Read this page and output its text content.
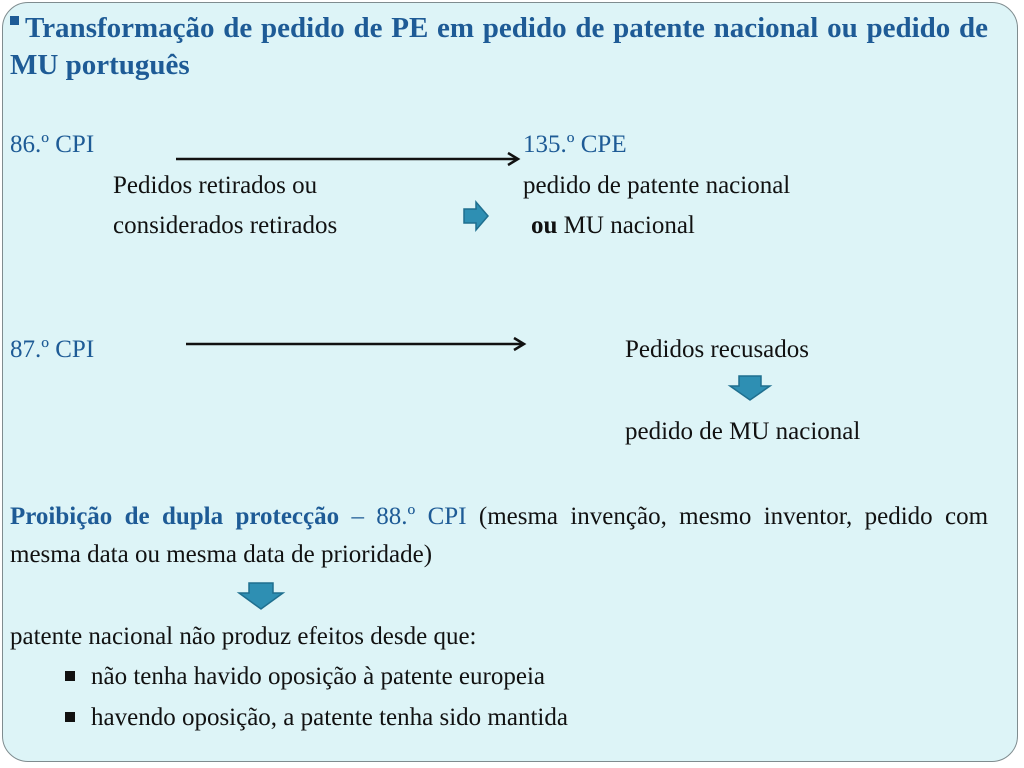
Transformação de pedido de PE em pedido de patente nacional ou pedido de MU português
86.º CPI	135.º CPE
Pedidos retirados ou
considerados retirados
pedido de patente nacional
ou MU nacional
87.º CPI	Pedidos recusados
pedido de MU nacional
Proibição de dupla protecção – 88.º CPI (mesma invenção, mesmo inventor, pedido com mesma data ou mesma data de prioridade)
patente nacional não produz efeitos desde que:
não tenha havido oposição à patente europeia
havendo oposição, a patente tenha sido mantida
